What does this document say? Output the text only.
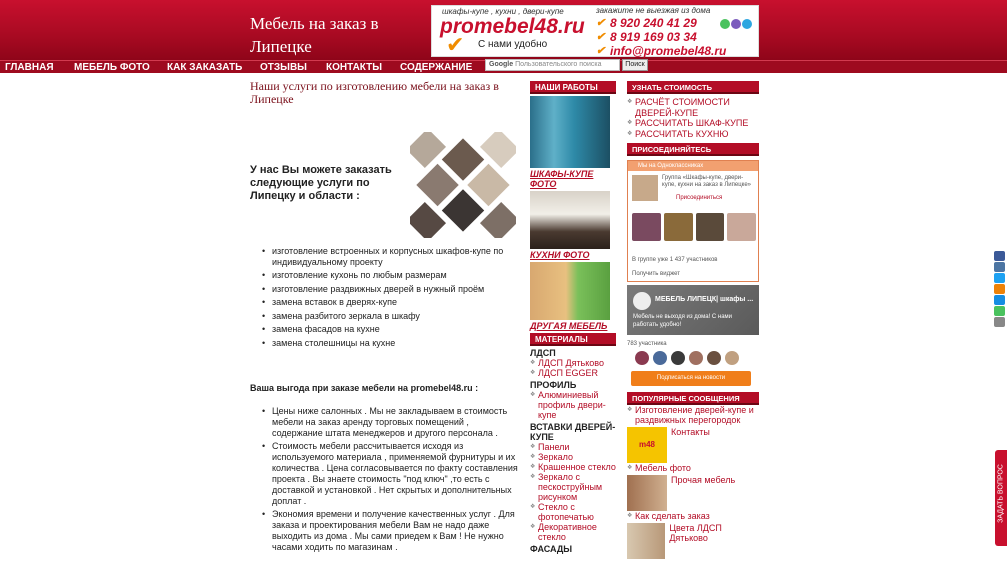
Мебель на заказ в Липецке
шкафы-купе , кухни , двери-купе
promebel48.ru
✔ С нами удобно
закажите не выезжая из дома
✔ 8 920 240 41 29
✔ 8 919 169 03 34
✔ info@promebel48.ru
ГЛАВНАЯ МЕБЕЛЬ ФОТО КАК ЗАКАЗАТЬ ОТЗЫВЫ КОНТАКТЫ СОДЕРЖАНИЕ	Google Пользовательского поиска	Поиск
Наши услуги по изготовлению мебели на заказ в Липецке
У нас Вы можете заказать следующие услуги по Липецку и области :
• изготовление встроенных и корпусных шкафов-купе по индивидуальному проекту
• изготовление кухонь по любым размерам
• изготовление раздвижных дверей в нужный проём
• замена вставок в дверях-купе
• замена разбитого зеркала в шкафу
• замена фасадов на кухне
• замена столешницы на кухне
Ваша выгода при заказе мебели на promebel48.ru :
• Цены ниже салонных . Мы не закладываем в стоимость мебели на заказ аренду торговых помещений , содержание штата менеджеров и другого персонала .
• Стоимость мебели рассчитывается исходя из используемого материала , применяемой фурнитуры и их количества . Цена согласовывается по факту составления проекта . Вы знаете стоимость "под ключ" ,то есть с доставкой и установкой . Нет скрытых и дополнительных доплат .
• Экономия времени и получение качественных услуг . Для заказа и проектирования мебели Вам не надо даже выходить из дома . Мы сами приедем к Вам ! Не нужно часами ходить по магазинам .
НАШИ РАБОТЫ
ШКАФЫ-КУПЕ ФОТО
КУХНИ ФОТО
ДРУГАЯ МЕБЕЛЬ
МАТЕРИАЛЫ
ЛДСП
❖ ЛДСП Дятьково
❖ ЛДСП EGGER
ПРОФИЛЬ
❖ Алюминиевый профиль двери-купе
ВСТАВКИ ДВЕРЕЙ-КУПЕ
❖ Панели
❖ Зеркало
❖ Крашенное стекло
❖ Зеркало с пескоструйным рисунком
❖ Стекло с фотопечатью
❖ Декоративное стекло
ФАСАДЫ
УЗНАТЬ СТОИМОСТЬ
❖ РАСЧЁТ СТОИМОСТИ ДВЕРЕЙ-КУПЕ
❖ РАССЧИТАТЬ ШКАФ-КУПЕ
❖ РАССЧИТАТЬ КУХНЮ
ПРИСОЕДИНЯЙТЕСЬ
Мы на Одноклассниках
Группа «Шкафы-купе, двери-купе, кухни на заказ в Липецке»
Присоединиться
В группе уже 1 437 участников
Получить виджет
МЕБЕЛЬ ЛИПЕЦК| шкафы ...
Мебель не выходя из дома! С нами работать удобно!
783 участника
Подписаться на новости
ПОПУЛЯРНЫЕ СООБЩЕНИЯ
❖ Изготовление дверей-купе и раздвижных перегородок
m48
Контакты
❖ Мебель фото
Прочая мебель
❖ Как сделать заказ
Цвета ЛДСП Дятьково
ЗАДАТЬ ВОПРОС
